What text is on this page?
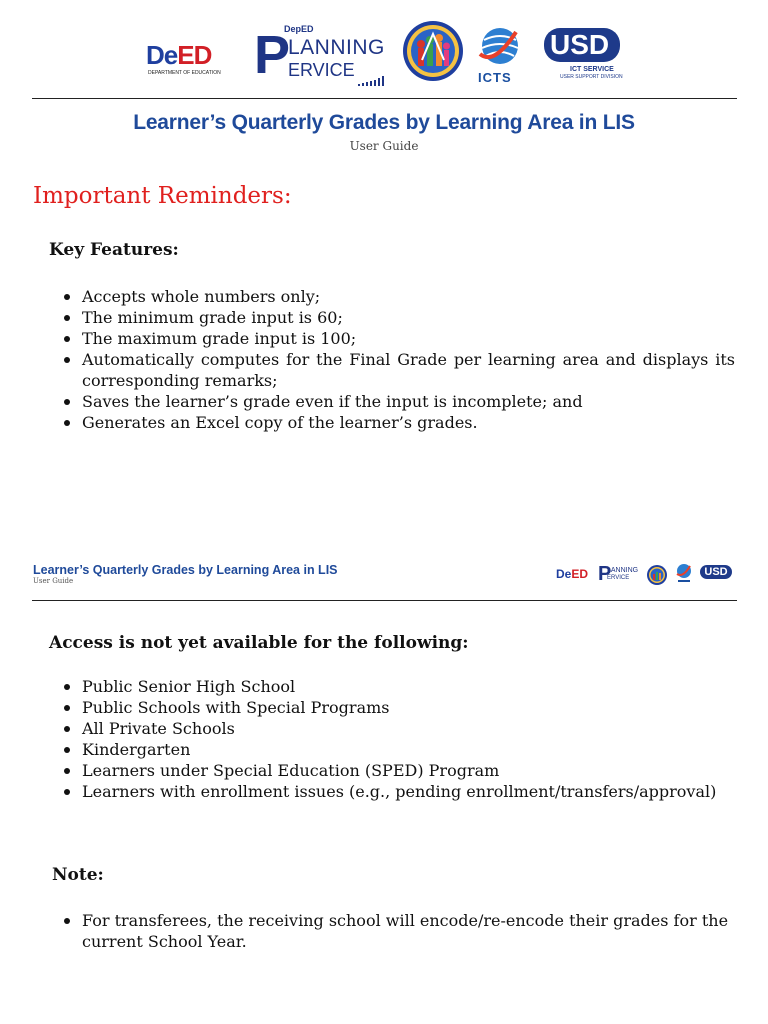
DeED
DEPARTMENT OF EDUCATION P
DepED
LANNING
ERVICE	ICTS
USD
ICT SERVICE
USER SUPPORT DIVISION
Learner’s Quarterly Grades by Learning Area in LIS
User Guide
Important Reminders:
Key Features:
Accepts whole numbers only;
The minimum grade input is 60;
The maximum grade input is 100;
Automatically computes for the Final Grade per learning area and displays its corresponding remarks;
Saves the learner’s grade even if the input is incomplete; and
Generates an Excel copy of the learner’s grades.
Learner’s Quarterly Grades by Learning Area in LIS
User Guide	DeED P
LANNING
ERVICE	USD
Access is not yet available for the following:
Public Senior High School
Public Schools with Special Programs
All Private Schools
Kindergarten
Learners under Special Education (SPED) Program
Learners with enrollment issues (e.g., pending enrollment/transfers/approval)
Note:
For transferees, the receiving school will encode/re-encode their grades for the current School Year.
